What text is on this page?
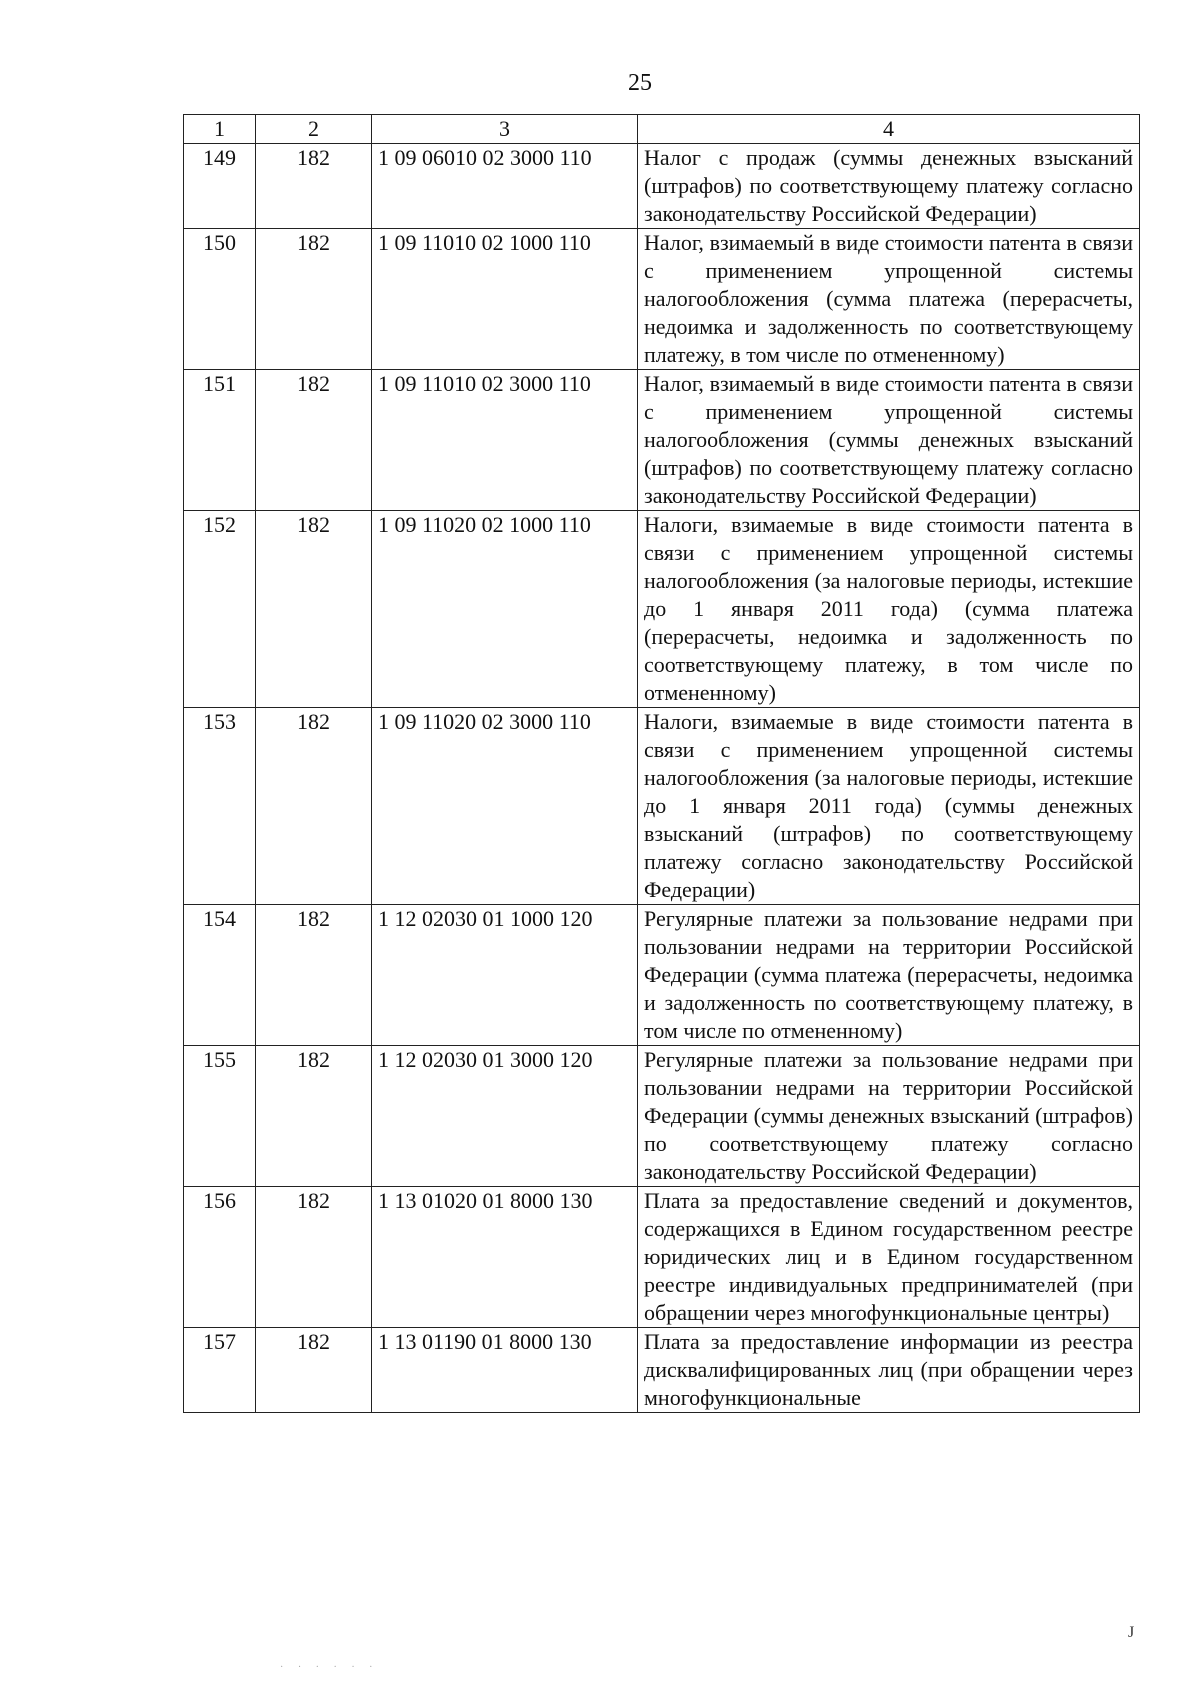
25
1	2	3	4
149	182	1 09 06010 02 3000 110	Налог с продаж (суммы денежных взысканий (штрафов) по соответствующему платежу согласно законодательству Российской Федерации)
150	182	1 09 11010 02 1000 110	Налог, взимаемый в виде стоимости патента в связи с применением упрощенной системы налогообложения (сумма платежа (перерасчеты, недоимка и задолженность по соответствующему платежу, в том числе по отмененному)
151	182	1 09 11010 02 3000 110	Налог, взимаемый в виде стоимости патента в связи с применением упрощенной системы налогообложения (суммы денежных взысканий (штрафов) по соответствующему платежу согласно законодательству Российской Федерации)
152	182	1 09 11020 02 1000 110	Налоги, взимаемые в виде стоимости патента в связи с применением упрощенной системы налогообложения (за налоговые периоды, истекшие до 1 января 2011 года) (сумма платежа (перерасчеты, недоимка и задолженность по соответствующему платежу, в том числе по отмененному)
153	182	1 09 11020 02 3000 110	Налоги, взимаемые в виде стоимости патента в связи с применением упрощенной системы налогообложения (за налоговые периоды, истекшие до 1 января 2011 года) (суммы денежных взысканий (штрафов) по соответствующему платежу согласно законодательству Российской Федерации)
154	182	1 12 02030 01 1000 120	Регулярные платежи за пользование недрами при пользовании недрами на территории Российской Федерации (сумма платежа (перерасчеты, недоимка и задолженность по соответствующему платежу, в том числе по отмененному)
155	182	1 12 02030 01 3000 120	Регулярные платежи за пользование недрами при пользовании недрами на территории Российской Федерации (суммы денежных взысканий (штрафов) по соответствующему платежу согласно законодательству Российской Федерации)
156	182	1 13 01020 01 8000 130	Плата за предоставление сведений и документов, содержащихся в Едином государственном реестре юридических лиц и в Едином государственном реестре индивидуальных предпринимателей (при обращении через многофункциональные центры)
157	182	1 13 01190 01 8000 130	Плата за предоставление информации из реестра дисквалифицированных лиц (при обращении через многофункциональные
J
· · · · · ·
